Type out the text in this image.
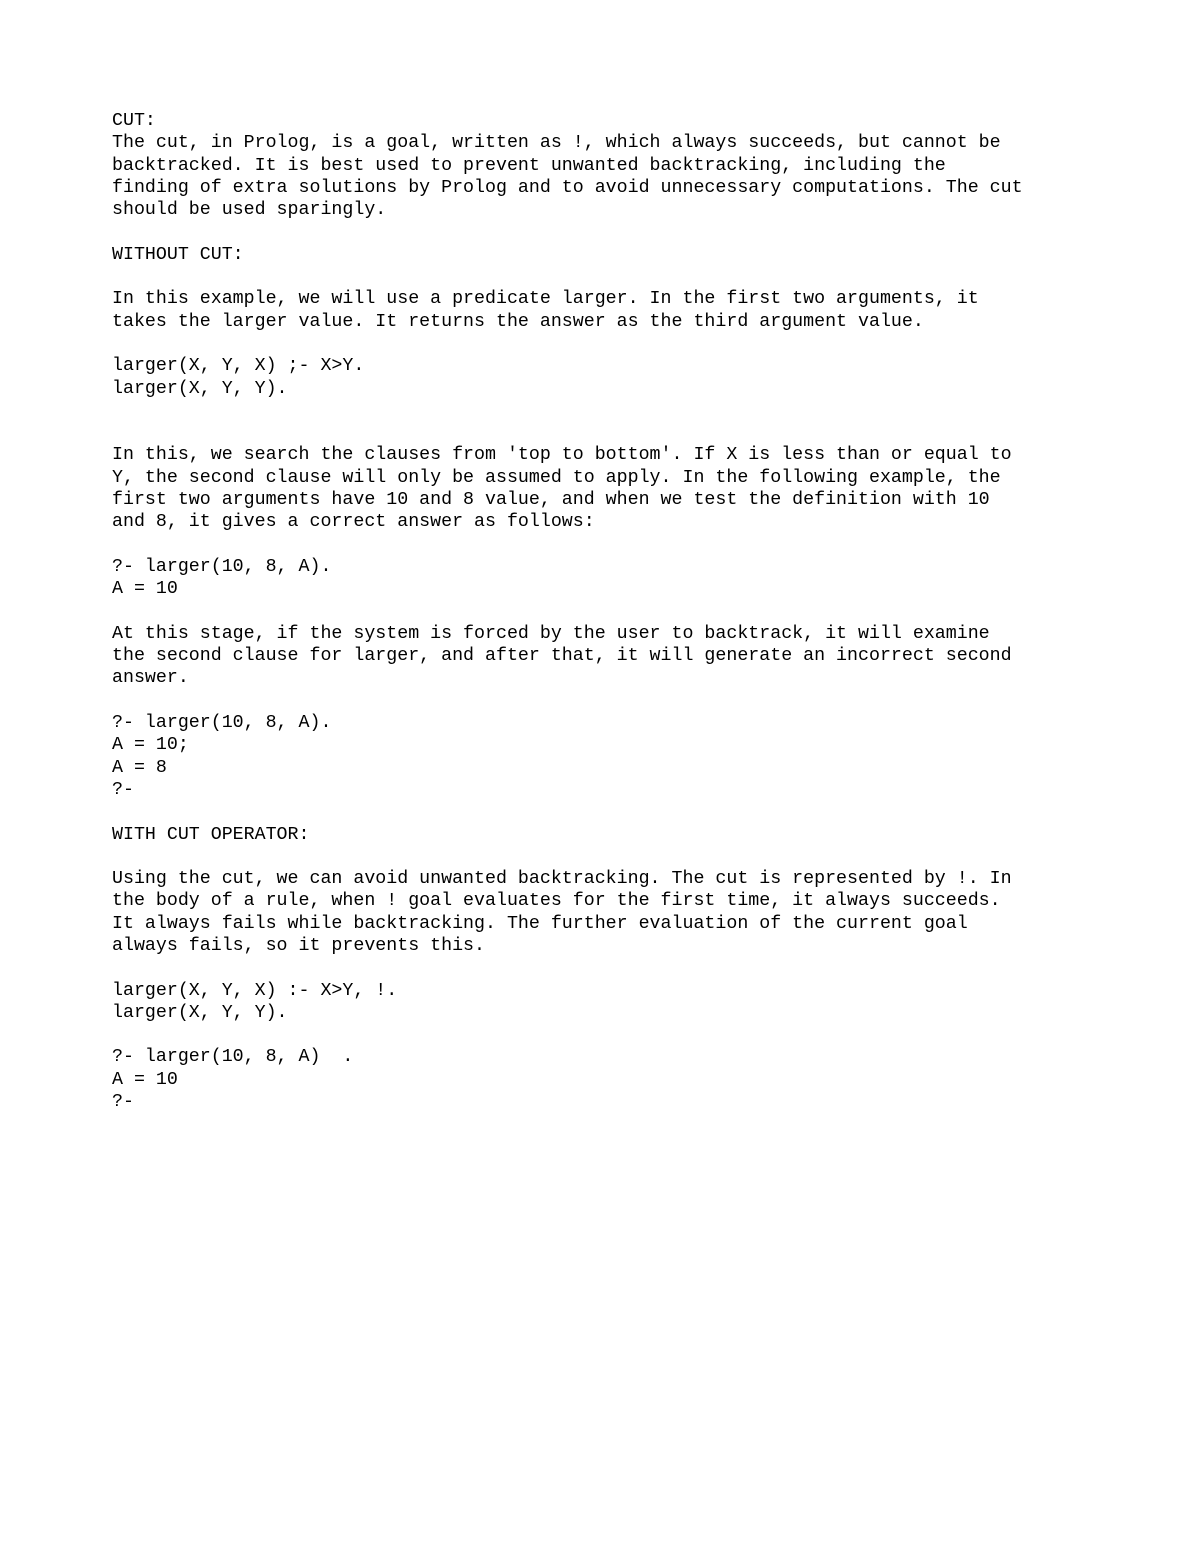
CUT:
The cut, in Prolog, is a goal, written as !, which always succeeds, but cannot be
backtracked. It is best used to prevent unwanted backtracking, including the
finding of extra solutions by Prolog and to avoid unnecessary computations. The cut
should be used sparingly.
WITHOUT CUT:
In this example, we will use a predicate larger. In the first two arguments, it
takes the larger value. It returns the answer as the third argument value.
larger(X, Y, X) ;- X>Y.
larger(X, Y, Y).
In this, we search the clauses from 'top to bottom'. If X is less than or equal to
Y, the second clause will only be assumed to apply. In the following example, the
first two arguments have 10 and 8 value, and when we test the definition with 10
and 8, it gives a correct answer as follows:
?- larger(10, 8, A).
A = 10
At this stage, if the system is forced by the user to backtrack, it will examine
the second clause for larger, and after that, it will generate an incorrect second
answer.
?- larger(10, 8, A).
A = 10;
A = 8
?-
WITH CUT OPERATOR:
Using the cut, we can avoid unwanted backtracking. The cut is represented by !. In
the body of a rule, when ! goal evaluates for the first time, it always succeeds.
It always fails while backtracking. The further evaluation of the current goal
always fails, so it prevents this.
larger(X, Y, X) :- X>Y, !.
larger(X, Y, Y).
?- larger(10, 8, A)  .
A = 10
?-
